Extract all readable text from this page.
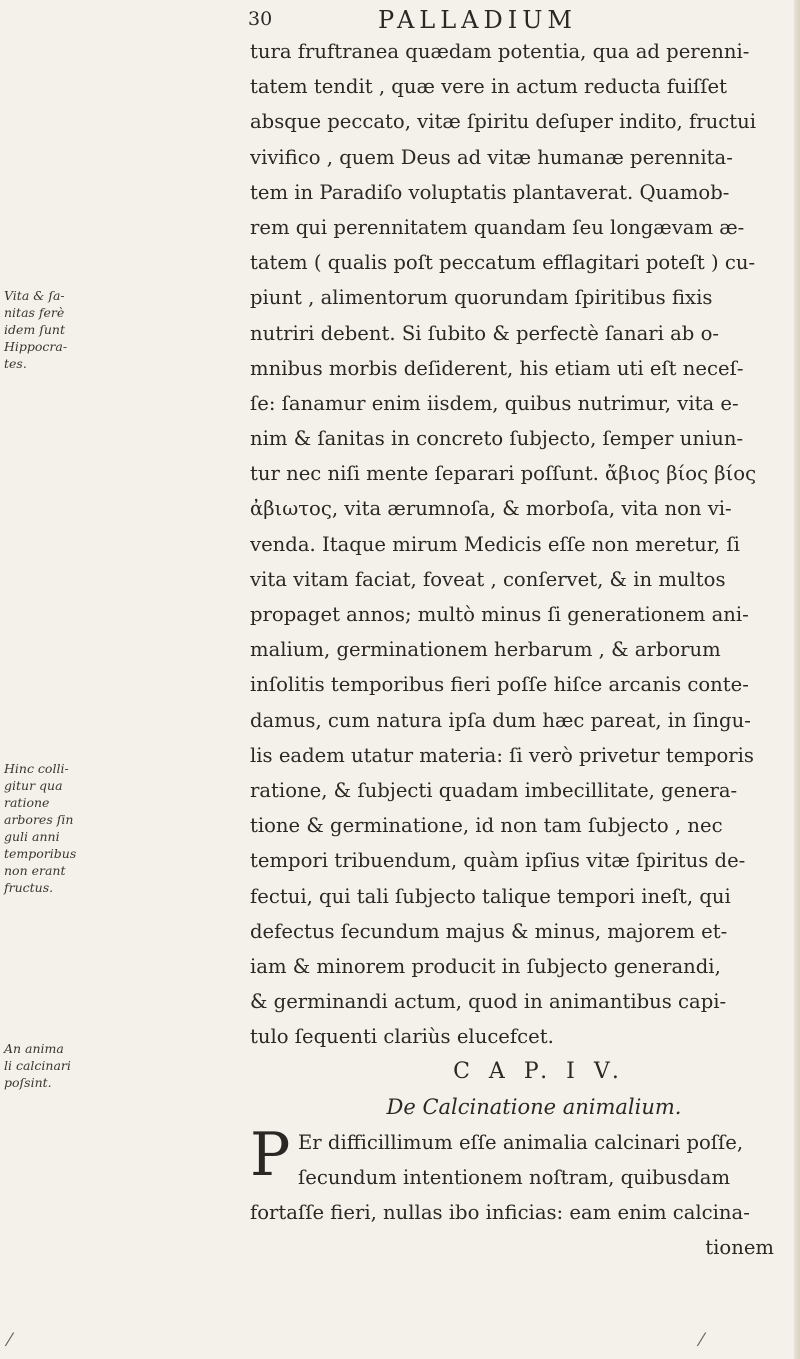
30	PALLADIUM
Vita & ſa-
nitas ferè
idem ſunt
Hippocra-
tes.
Hinc colli-
gitur qua
ratione
arbores ſin
guli anni
temporibus
non erant
fructus.
An anima
li calcinari
poſsint.
tura fruftranea quædam potentia, qua ad perenni-
tatem tendit , quæ vere in actum reducta fuiſſet
absque peccato, vitæ ſpiritu deſuper indito, fructui
vivifico , quem Deus ad vitæ humanæ perennita-
tem in Paradiſo voluptatis plantaverat. Quamob-
rem qui perennitatem quandam ſeu longævam æ-
tatem ( qualis poſt peccatum efflagitari poteſt ) cu-
piunt , alimentorum quorundam ſpiritibus fixis
nutriri debent. Si ſubito & perfectè ſanari ab o-
mnibus morbis deſiderent, his etiam uti eſt neceſ-
ſe: ſanamur enim iisdem, quibus nutrimur, vita e-
nim & ſanitas in concreto ſubjecto, ſemper uniun-
tur nec niſi mente ſeparari poſſunt. ἄβιος βίος βίος
ἀβιωτος, vita ærumnoſa, & morboſa, vita non vi-
venda. Itaque mirum Medicis eſſe non meretur, ſi
vita vitam faciat, foveat , conſervet, & in multos
propaget annos; multò minus ſi generationem ani-
malium, germinationem herbarum , & arborum
inſolitis temporibus fieri poſſe hiſce arcanis conte-
damus, cum natura ipſa dum hæc pareat, in ſingu-
lis eadem utatur materia: ſi verò privetur temporis
ratione, & ſubjecti quadam imbecillitate, genera-
tione & germinatione, id non tam ſubjecto , nec
tempori tribuendum, quàm ipſius vitæ ſpiritus de-
fectui, qui tali ſubjecto talique tempori ineſt, qui
defectus ſecundum majus & minus, majorem et-
iam & minorem producit in ſubjecto generandi,
& germinandi actum, quod in animantibus capi-
tulo ſequenti clariùs elucefcet.
C A P. I V.
De Calcinatione animalium.
P Er difficillimum eſſe animalia calcinari poſſe,
ſecundum intentionem noſtram, quibusdam
fortaſſe fieri, nullas ibo inficias: eam enim calcina-
tionem
⁄	⁄
